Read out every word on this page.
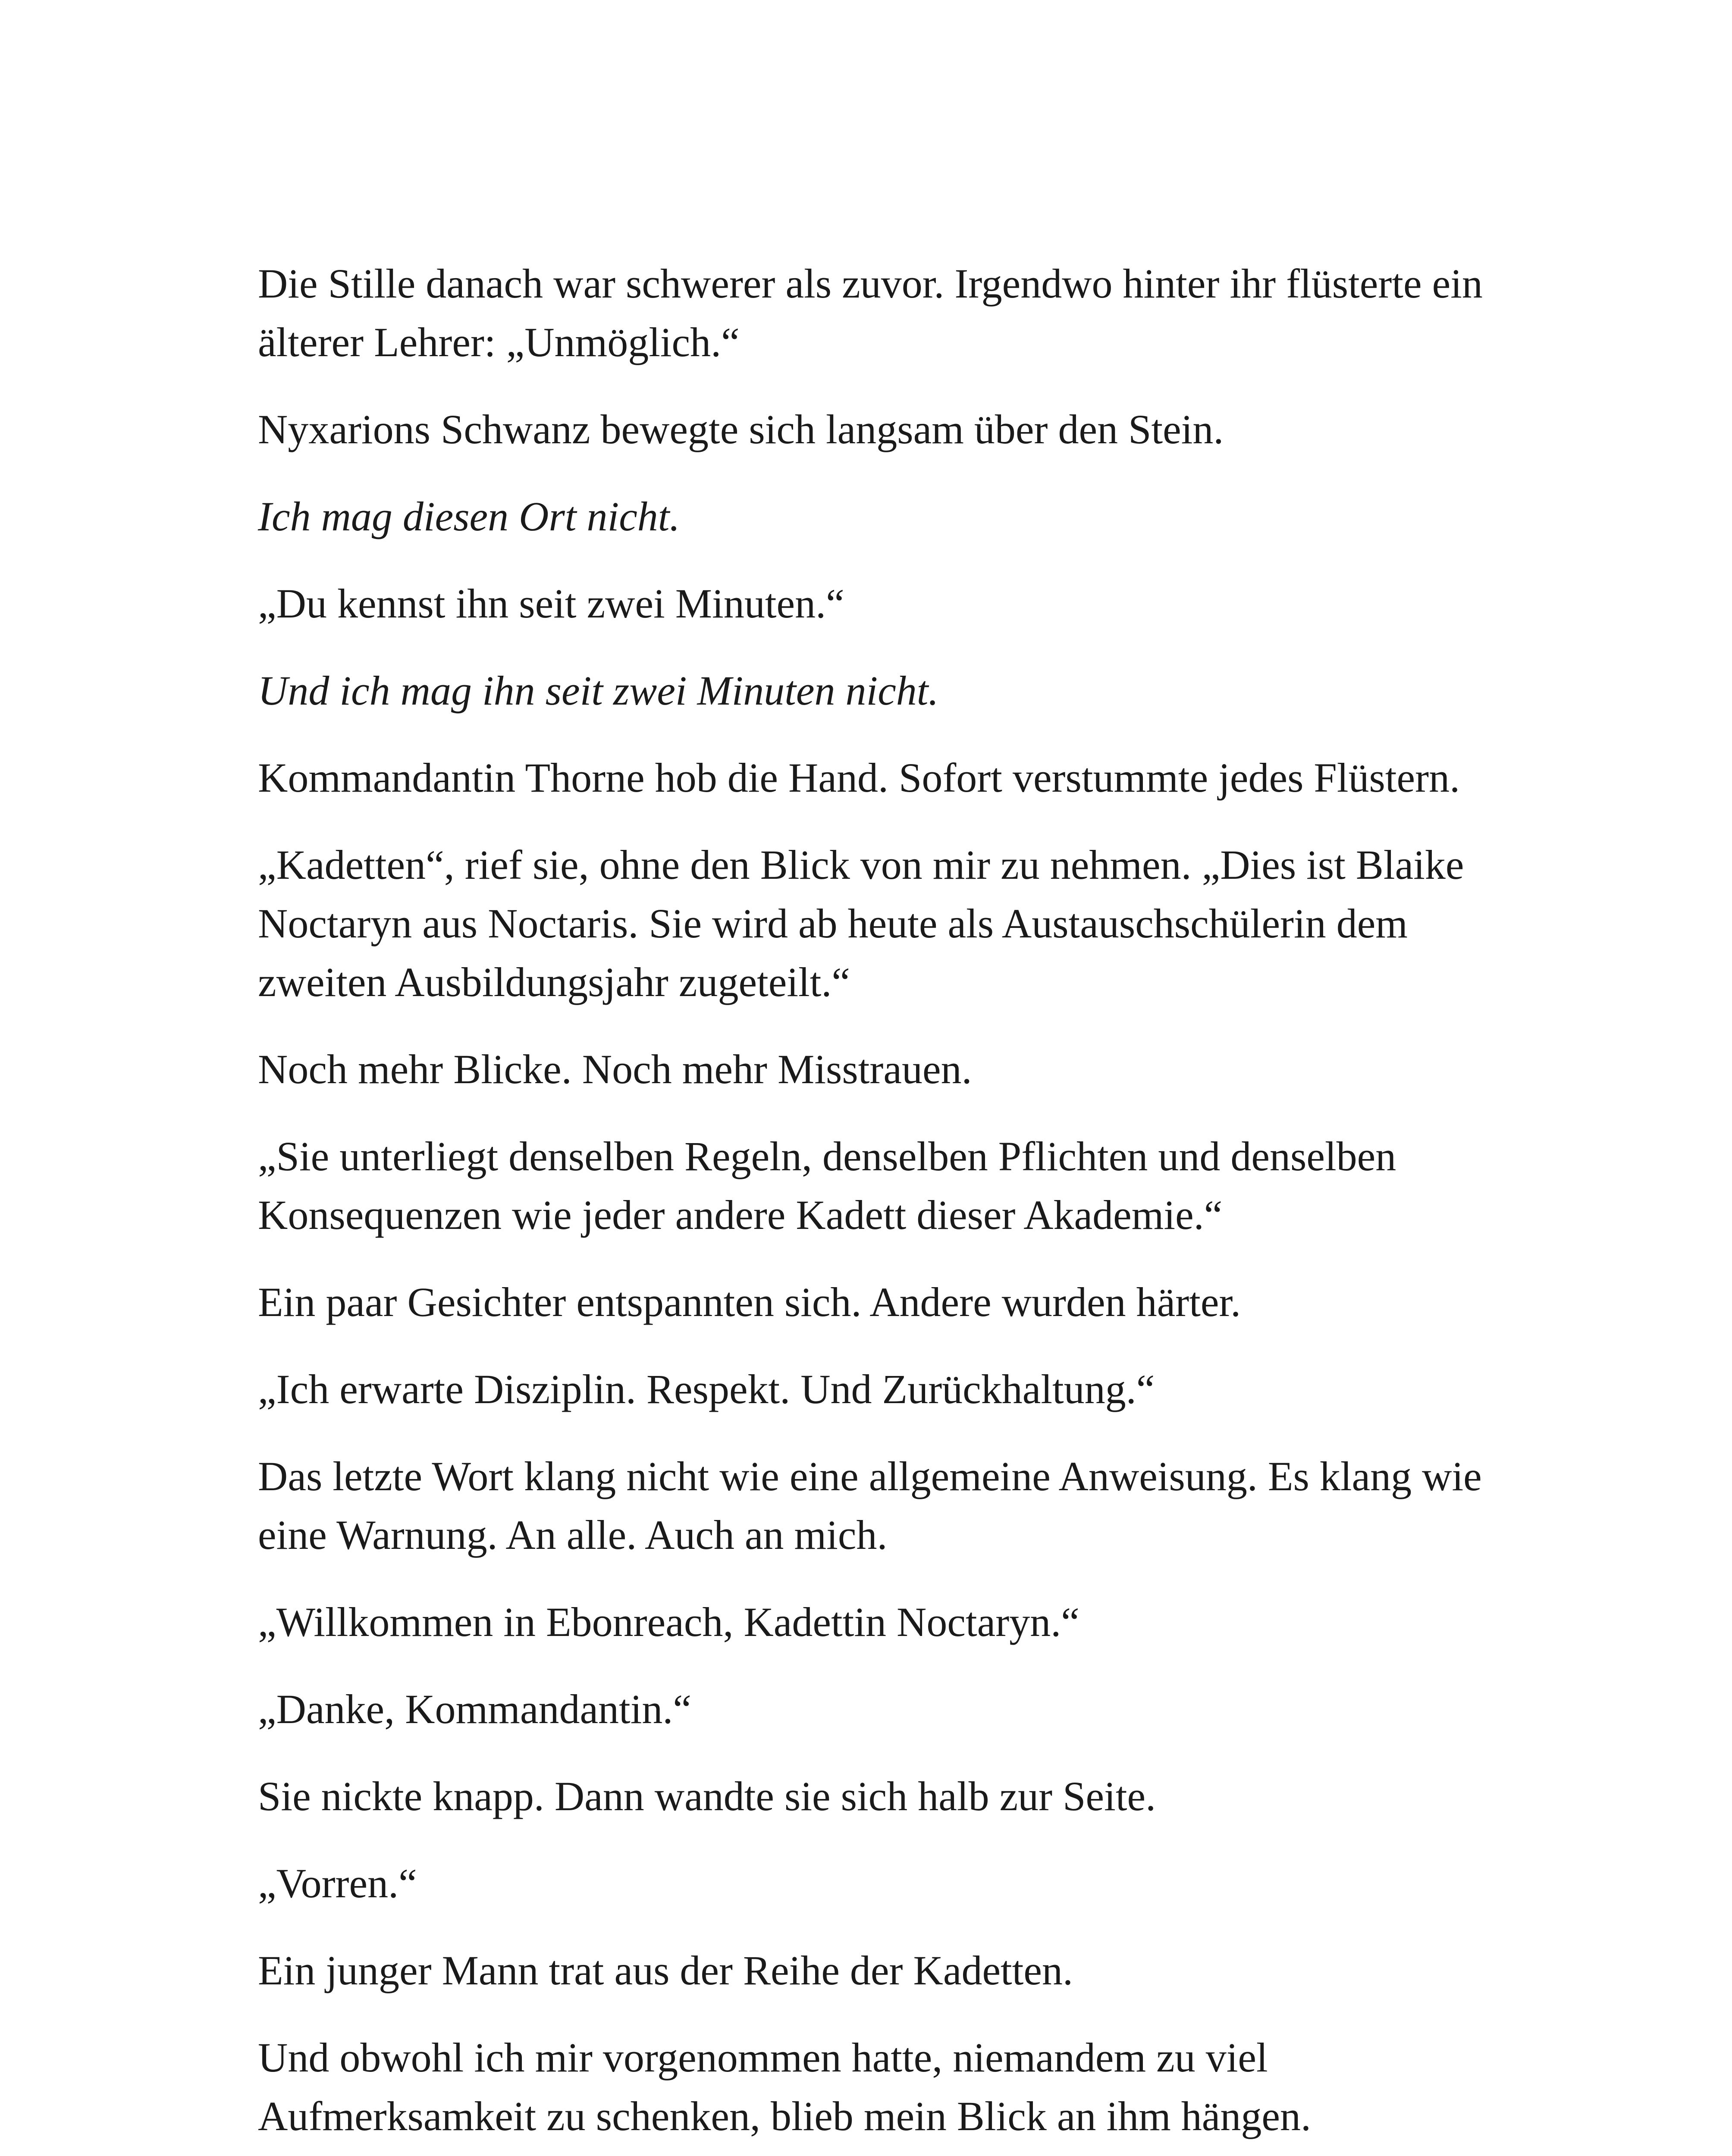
Die Stille danach war schwerer als zuvor. Irgendwo hinter ihr flüsterte ein älterer Lehrer: „Unmöglich.“

Nyxarions Schwanz bewegte sich langsam über den Stein.

Ich mag diesen Ort nicht.

„Du kennst ihn seit zwei Minuten.“

Und ich mag ihn seit zwei Minuten nicht.

Kommandantin Thorne hob die Hand. Sofort verstummte jedes Flüstern.

„Kadetten“, rief sie, ohne den Blick von mir zu nehmen. „Dies ist Blaike Noctaryn aus Noctaris. Sie wird ab heute als Austauschschülerin dem zweiten Ausbildungsjahr zugeteilt.“

Noch mehr Blicke. Noch mehr Misstrauen.

„Sie unterliegt denselben Regeln, denselben Pflichten und denselben Konsequenzen wie jeder andere Kadett dieser Akademie.“

Ein paar Gesichter entspannten sich. Andere wurden härter.

„Ich erwarte Disziplin. Respekt. Und Zurückhaltung.“

Das letzte Wort klang nicht wie eine allgemeine Anweisung. Es klang wie eine Warnung. An alle. Auch an mich.

„Willkommen in Ebonreach, Kadettin Noctaryn.“

„Danke, Kommandantin.“

Sie nickte knapp. Dann wandte sie sich halb zur Seite.

„Vorren.“

Ein junger Mann trat aus der Reihe der Kadetten.

Und obwohl ich mir vorgenommen hatte, niemandem zu viel Aufmerksamkeit zu schenken, blieb mein Blick an ihm hängen.
